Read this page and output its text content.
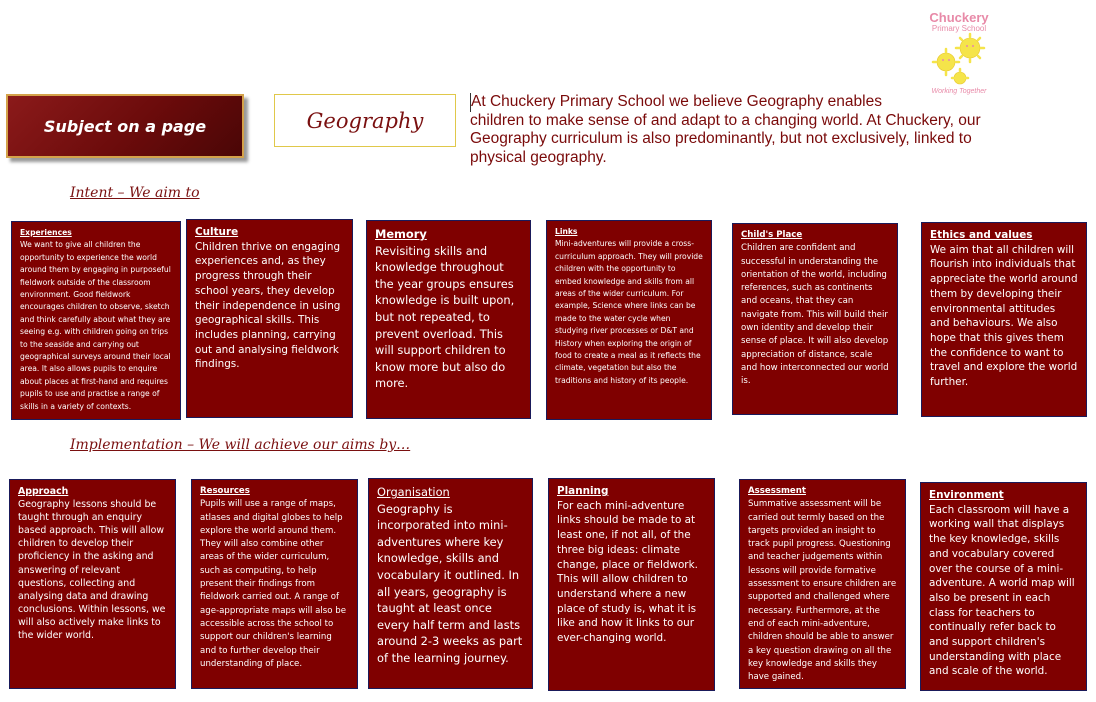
Chuckery
Primary School
Working Together
Subject on a page	Geography
At Chuckery Primary School we believe Geography enables
children to make sense of and adapt to a changing world. At Chuckery, our Geography curriculum is also predominantly, but not exclusively, linked to physical geography.
Intent – We aim to
Experiences
We want to give all children the opportunity to experience the world around them by engaging in purposeful fieldwork outside of the classroom environment. Good fieldwork encourages children to observe, sketch and think carefully about what they are seeing e.g. with children going on trips to the seaside and carrying out geographical surveys around their local area. It also allows pupils to enquire about places at first-hand and requires pupils to use and practise a range of skills in a variety of contexts.
Culture
Children thrive on engaging experiences and, as they progress through their school years, they develop their independence in using geographical skills. This includes planning, carrying out and analysing fieldwork findings.
Memory
Revisiting skills and knowledge throughout the year groups ensures knowledge is built upon, but not repeated, to prevent overload. This will support children to know more but also do more.
Links
Mini-adventures will provide a cross-curriculum approach. They will provide children with the opportunity to embed knowledge and skills from all areas of the wider curriculum. For example, Science where links can be made to the water cycle when studying river processes or D&T and History when exploring the origin of food to create a meal as it reflects the climate, vegetation but also the traditions and history of its people.
Child's Place
Children are confident and successful in understanding the orientation of the world, including references, such as continents and oceans, that they can navigate from. This will build their own identity and develop their sense of place. It will also develop appreciation of distance, scale and how interconnected our world is.
Ethics and values
We aim that all children will flourish into individuals that appreciate the world around them by developing their environmental attitudes and behaviours. We also hope that this gives them the confidence to want to travel and explore the world further.
Implementation – We will achieve our aims by…
Approach
Geography lessons should be taught through an enquiry based approach. This will allow children to develop their proficiency in the asking and answering of relevant questions, collecting and analysing data and drawing conclusions. Within lessons, we will also actively make links to the wider world.
Resources
Pupils will use a range of maps, atlases and digital globes to help explore the world around them. They will also combine other areas of the wider curriculum, such as computing, to help present their findings from fieldwork carried out. A range of age-appropriate maps will also be accessible across the school to support our children's learning and to further develop their understanding of place.
Organisation
Geography is incorporated into mini-adventures where key knowledge, skills and vocabulary it outlined. In all years, geography is taught at least once every half term and lasts around 2-3 weeks as part of the learning journey.
Planning
For each mini-adventure links should be made to at least one, if not all, of the three big ideas: climate change, place or fieldwork. This will allow children to understand where a new place of study is, what it is like and how it links to our ever-changing world.
Assessment
Summative assessment will be carried out termly based on the targets provided an insight to track pupil progress. Questioning and teacher judgements within lessons will provide formative assessment to ensure children are supported and challenged where necessary. Furthermore, at the end of each mini-adventure, children should be able to answer a key question drawing on all the key knowledge and skills they have gained.
Environment
Each classroom will have a working wall that displays the key knowledge, skills and vocabulary covered over the course of a mini-adventure. A world map will also be present in each class for teachers to continually refer back to and support children's understanding with place and scale of the world.
